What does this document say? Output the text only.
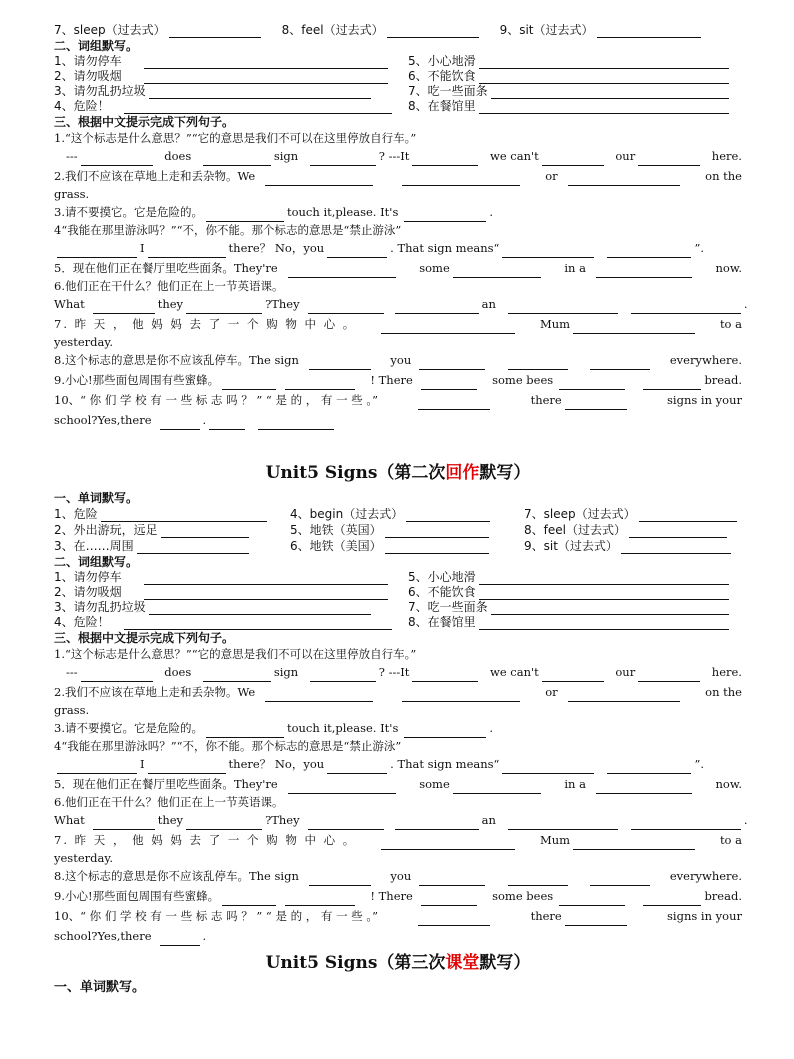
7、sleep（过去式）	8、feel（过去式）	9、sit（过去式）
二、词组默写。
1、请勿停车	5、小心地滑
2、请勿吸烟	6、不能饮食
3、请勿乱扔垃圾	7、吃一些面条
4、危险！	8、在餐馆里
三、根据中文提示完成下列句子。
1.“这个标志是什么意思？”“它的意思是我们不可以在这里停放自行车。”
---	does	sign	? ---It	we can't	our	here.
2.我们不应该在草地上走和丢杂物。We	or	on the
grass.
3.请不要摸它。它是危险的。	touch it,please. It's	.
4“我能在那里游泳吗？”“不，你不能。那个标志的意思是“禁止游泳”
I	there？ No，you	. That sign means“	”.
5．现在他们正在餐厅里吃些面条。They're	some	in a	now.
6.他们正在干什么？他们正在上一节英语课。
What	they	?They	an	.
7. 昨 天 ， 他 妈 妈 去 了 一 个 购 物 中 心 。	Mum	to a
yesterday.
8.这个标志的意思是你不应该乱停车。The sign	you	everywhere.
9.小心!那些面包周围有些蜜蜂。	! There	some bees	bread.
10、“ 你 们 学 校 有 一 些 标 志 吗 ？ ” “ 是 的 ， 有 一 些 。”	there	signs in your
school?Yes,there	.
Unit5 Signs（第二次回作默写）
一、单词默写。
1、危险	4、begin（过去式）	7、sleep（过去式）
2、外出游玩，远足	5、地铁（英国）	8、feel（过去式）
3、在……周围	6、地铁（美国）	9、sit（过去式）
二、词组默写。
1、请勿停车	5、小心地滑
2、请勿吸烟	6、不能饮食
3、请勿乱扔垃圾	7、吃一些面条
4、危险！	8、在餐馆里
三、根据中文提示完成下列句子。
1.“这个标志是什么意思？”“它的意思是我们不可以在这里停放自行车。”
---	does	sign	? ---It	we can't	our	here.
2.我们不应该在草地上走和丢杂物。We	or	on the
grass.
3.请不要摸它。它是危险的。	touch it,please. It's	.
4“我能在那里游泳吗？”“不，你不能。那个标志的意思是“禁止游泳”
I	there？ No，you	. That sign means“	”.
5．现在他们正在餐厅里吃些面条。They're	some	in a	now.
6.他们正在干什么？他们正在上一节英语课。
What	they	?They	an	.
7. 昨 天 ， 他 妈 妈 去 了 一 个 购 物 中 心 。	Mum	to a
yesterday.
8.这个标志的意思是你不应该乱停车。The sign	you	everywhere.
9.小心!那些面包周围有些蜜蜂。	! There	some bees	bread.
10、“ 你 们 学 校 有 一 些 标 志 吗 ？ ” “ 是 的 ， 有 一 些 。”	there	signs in your
school?Yes,there	.
Unit5 Signs（第三次课堂默写）
一、单词默写。
